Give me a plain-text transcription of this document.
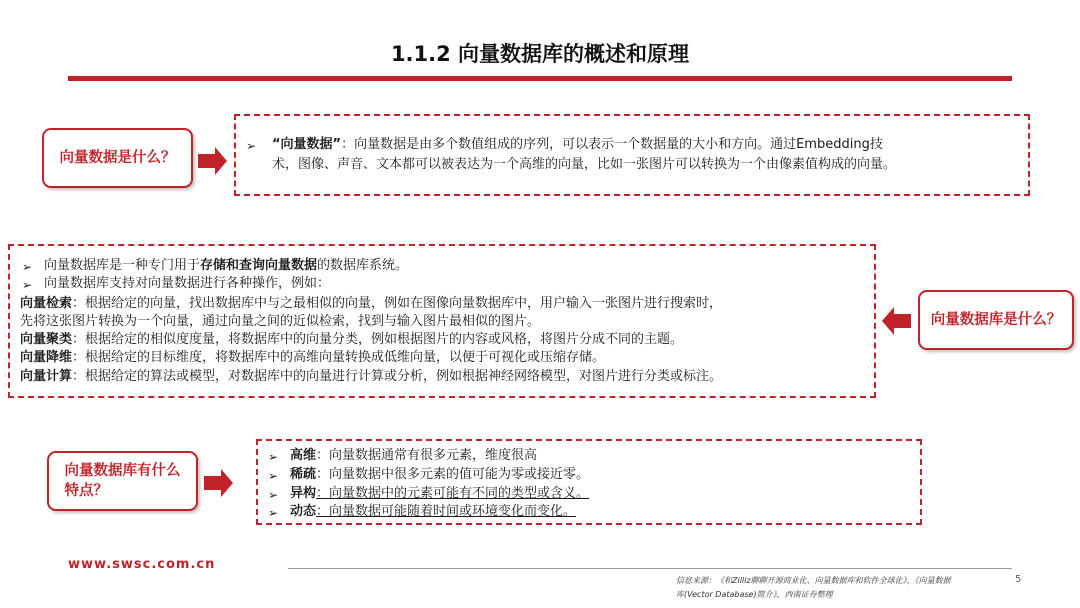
1.1.2 向量数据库的概述和原理
向量数据是什么？
➢ “向量数据”：向量数据是由多个数值组成的序列，可以表示一个数据量的大小和方向。通过Embedding技
术，图像、声音、文本都可以被表达为一个高维的向量，比如一张图片可以转换为一个由像素值构成的向量。
➢ 向量数据库是一种专门用于存储和查询向量数据的数据库系统。
➢ 向量数据库支持对向量数据进行各种操作，例如：
向量检索：根据给定的向量，找出数据库中与之最相似的向量，例如在图像向量数据库中，用户输入一张图片进行搜索时，
先将这张图片转换为一个向量，通过向量之间的近似检索，找到与输入图片最相似的图片。
向量聚类：根据给定的相似度度量，将数据库中的向量分类，例如根据图片的内容或风格，将图片分成不同的主题。
向量降维：根据给定的目标维度，将数据库中的高维向量转换成低维向量，以便于可视化或压缩存储。
向量计算：根据给定的算法或模型，对数据库中的向量进行计算或分析，例如根据神经网络模型，对图片进行分类或标注。
向量数据库是什么？
向量数据库有什么
特点？
➢ 高维：向量数据通常有很多元素，维度很高
➢ 稀疏：向量数据中很多元素的值可能为零或接近零。
➢ 异构：向量数据中的元素可能有不同的类型或含义。
➢ 动态：向量数据可能随着时间或环境变化而变化。
www.swsc.com.cn
信息来源：《和Zilliz聊聊开源商业化、向量数据库和软件全球化》，《向量数据
库(Vector Database)简介》，西南证券整理
5
